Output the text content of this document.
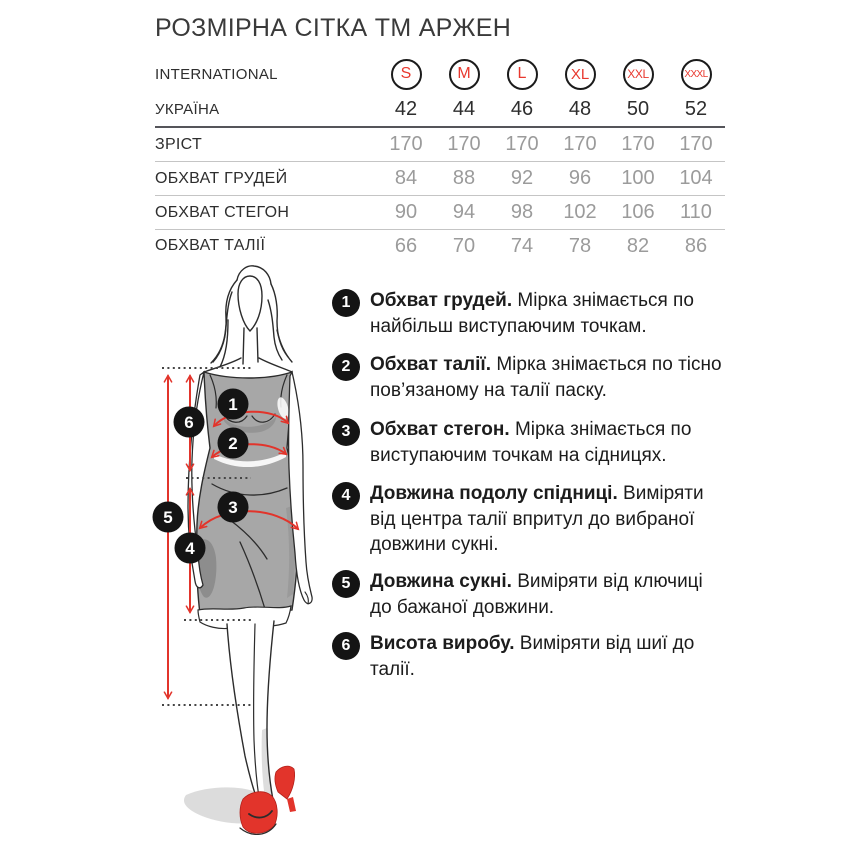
РОЗМІРНА СІТКА ТМ АРЖЕН
INTERNATIONAL	S	M	L	XL	XXL	XXXL
УКРАЇНА	42	44	46	48	50	52
ЗРІСТ	170	170	170	170	170	170
ОБХВАТ ГРУДЕЙ	84	88	92	96	100	104
ОБХВАТ СТЕГОН	90	94	98	102	106	110
ОБХВАТ ТАЛІЇ	66	70	74	78	82	86
1	Обхват грудей. Мірка знімається по найбільш виступаючим точкам.

2	Обхват талії. Мірка знімається по тісно пов’язаному на талії паску.

3	Обхват стегон. Мірка знімається по виступаючим точкам на сідницях.

4	Довжина подолу спідниці. Виміряти від центра талії впритул до вибраної довжини сукні.

5	Довжина сукні. Виміряти від ключиці до бажаної довжини.

6	Висота виробу. Виміряти від шиї до талії.

1
2
3
4
5
6
